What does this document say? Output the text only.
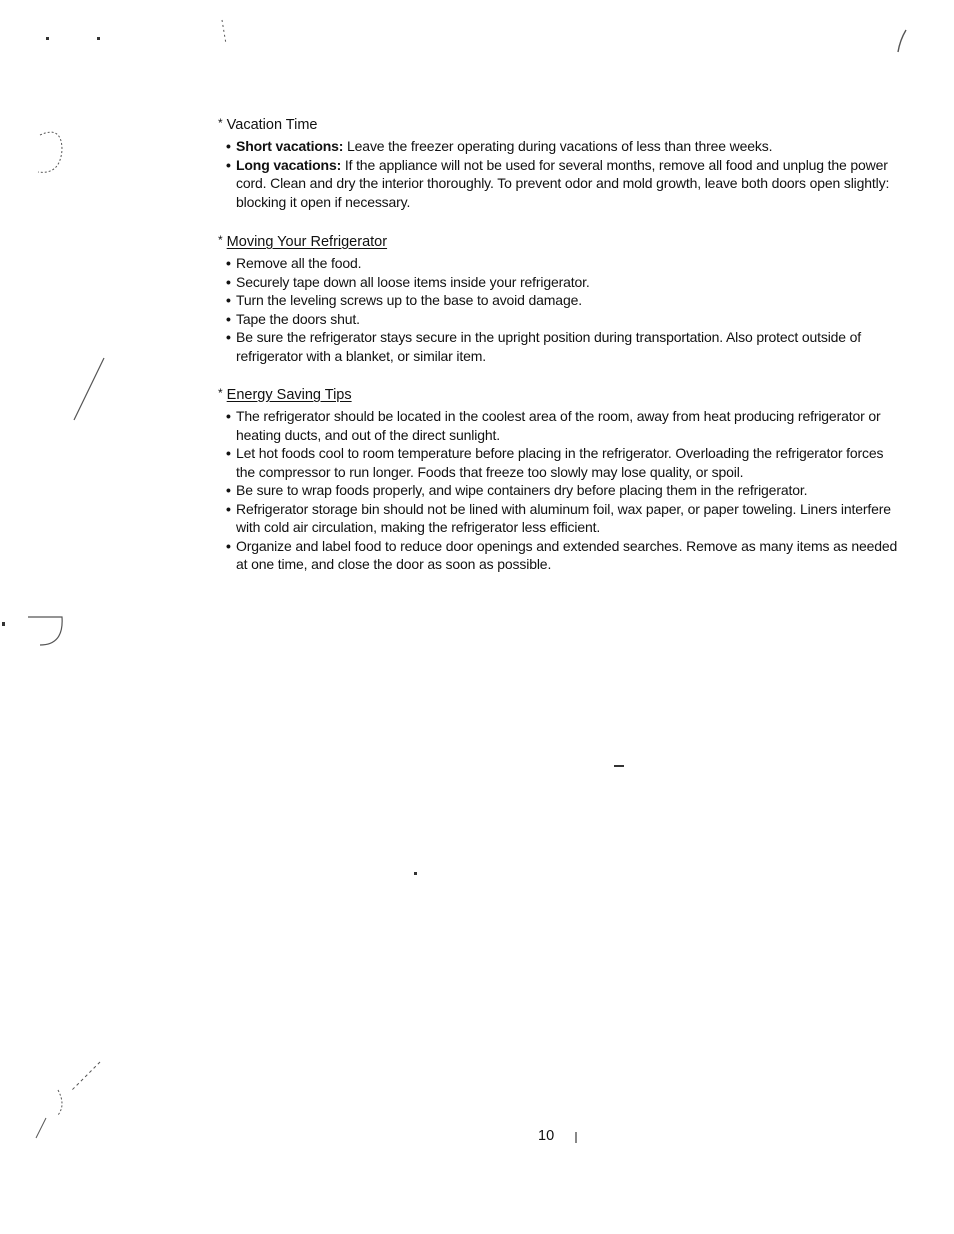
* Vacation Time
• Short vacations: Leave the freezer operating during vacations of less than three weeks.
• Long vacations: If the appliance will not be used for several months, remove all food and unplug the power cord. Clean and dry the interior thoroughly. To prevent odor and mold growth, leave both doors open slightly: blocking it open if necessary.
* Moving Your Refrigerator
• Remove all the food.
• Securely tape down all loose items inside your refrigerator.
• Turn the leveling screws up to the base to avoid damage.
• Tape the doors shut.
• Be sure the refrigerator stays secure in the upright position during transportation. Also protect outside of refrigerator with a blanket, or similar item.
* Energy Saving Tips
• The refrigerator should be located in the coolest area of the room, away from heat producing refrigerator or heating ducts, and out of the direct sunlight.
• Let hot foods cool to room temperature before placing in the refrigerator. Overloading the refrigerator forces the compressor to run longer. Foods that freeze too slowly may lose quality, or spoil.
• Be sure to wrap foods properly, and wipe containers dry before placing them in the refrigerator.
• Refrigerator storage bin should not be lined with aluminum foil, wax paper, or paper toweling. Liners interfere with cold air circulation, making the refrigerator less efficient.
• Organize and label food to reduce door openings and extended searches. Remove as many items as needed at one time, and close the door as soon as possible.
10
